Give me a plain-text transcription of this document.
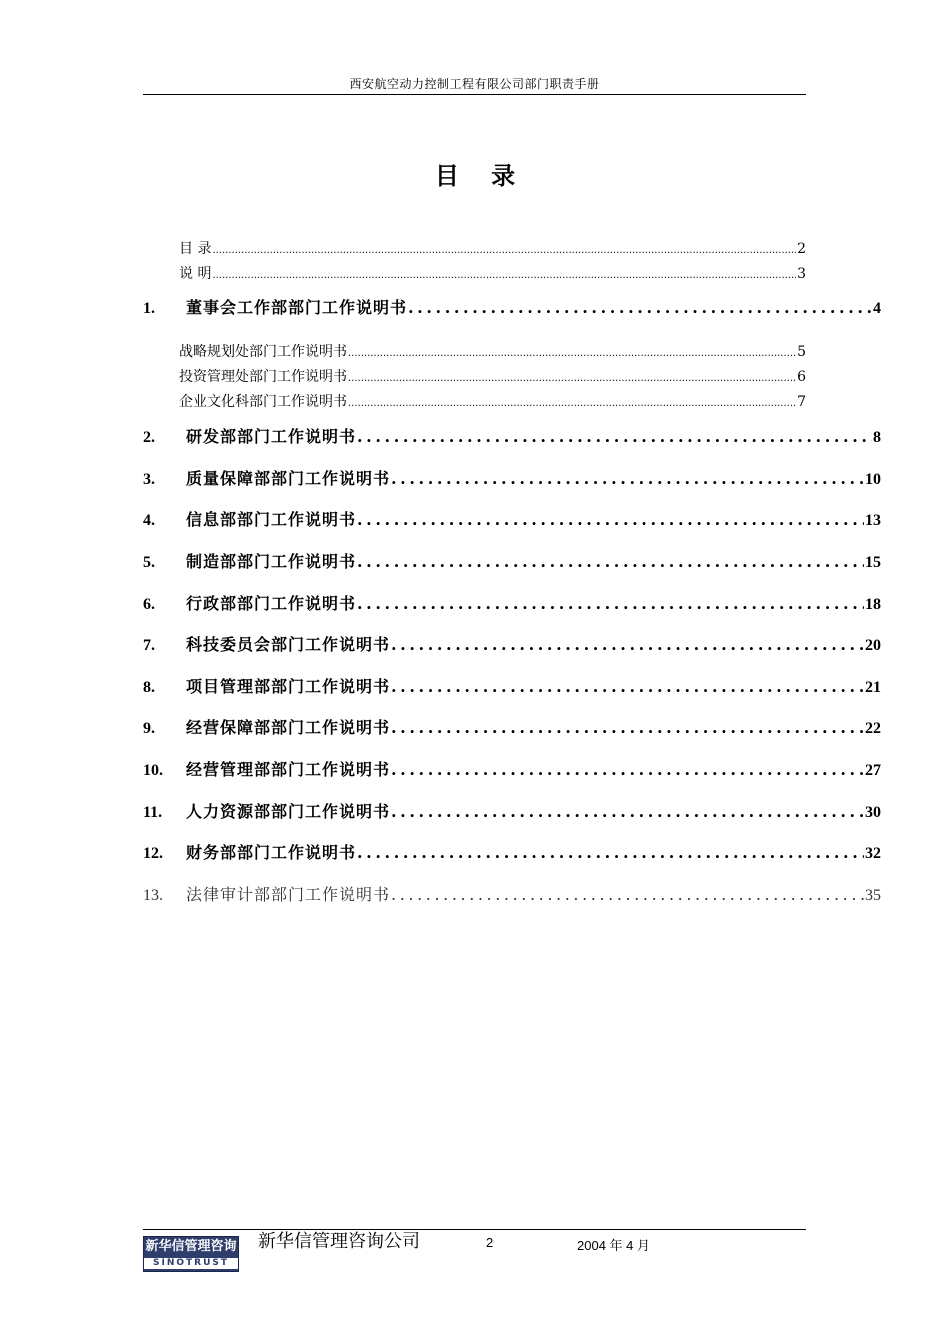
西安航空动力控制工程有限公司部门职责手册
目 录
目 录 .....	2
说 明 .....	3
1.	董事会工作部部门工作说明书 .....	4
战略规划处部门工作说明书 .....	5
投资管理处部门工作说明书 .....	6
企业文化科部门工作说明书 .....	7
2.	研发部部门工作说明书 .....	8
3.	质量保障部部门工作说明书 .....	10
4.	信息部部门工作说明书 .....	13
5.	制造部部门工作说明书 .....	15
6.	行政部部门工作说明书 .....	18
7.	科技委员会部门工作说明书 .....	20
8.	项目管理部部门工作说明书 .....	21
9.	经营保障部部门工作说明书 .....	22
10.	经营管理部部门工作说明书 .....	27
11.	人力资源部部门工作说明书 .....	30
12.	财务部部门工作说明书 .....	32
13.	法律审计部部门工作说明书 .....	35
新华信管理咨询
SINOTRUST
新华信管理咨询公司	2	2004 年 4 月
